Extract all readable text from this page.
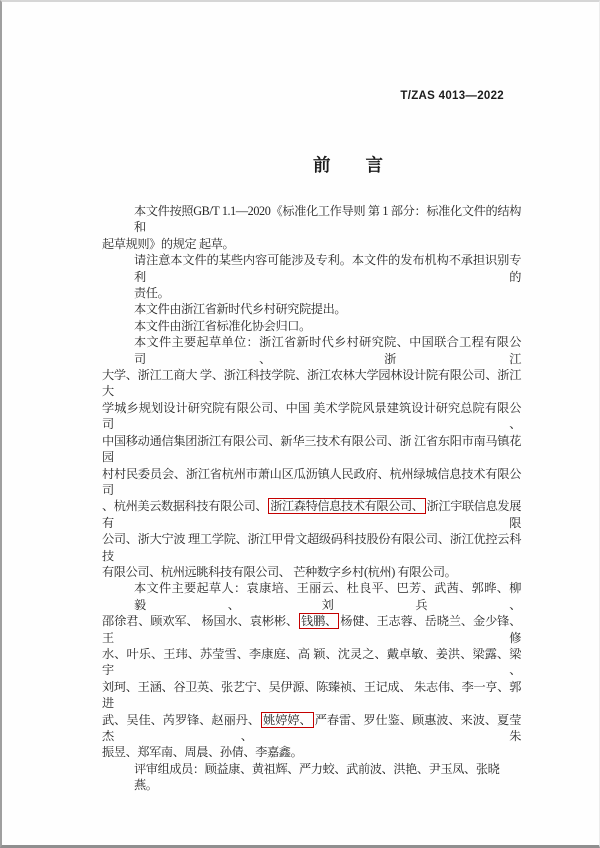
T/ZAS 4013—2022
前　　言
本文件按照GB/T 1.1—2020《标准化工作导则 第 1 部分：标准化文件的结构和
起草规则》的规定 起草。
请注意本文件的某些内容可能涉及专利。本文件的发布机构不承担识别专利的
责任。
本文件由浙江省新时代乡村研究院提出。
本文件由浙江省标准化协会归口。
本文件主要起草单位：浙江省新时代乡村研究院、中国联合工程有限公司、浙江
大学、浙江工商大 学、浙江科技学院、浙江农林大学园林设计院有限公司、浙江大
学城乡规划设计研究院有限公司、中国 美术学院风景建筑设计研究总院有限公司、
中国移动通信集团浙江有限公司、新华三技术有限公司、浙 江省东阳市南马镇花园
村村民委员会、浙江省杭州市萧山区瓜沥镇人民政府、杭州绿城信息技术有限公 司
、杭州美云数据科技有限公司、 浙江森特信息技术有限公司、 浙江宇联信息发展有限
公司、浙大宁波 理工学院、浙江甲骨文超级码科技股份有限公司、浙江优控云科技
有限公司、杭州远眺科技有限公司、 芒种数字乡村(杭州) 有限公司。
本文件主要起草人：袁康培、王丽云、杜良平、巴芳、武茜、郭晔、柳毅、刘兵、
邵徐君、顾欢军、 杨国水、袁彬彬、 钱鹏、 杨健、王志蓉、岳晓兰、金少锋、王修
水、叶乐、王玮、苏莹雪、李康庭、高 颖、沈灵之、戴卓敏、姜洪、梁露、梁宇、
刘珂、王涵、谷卫英、张艺宁、吴伊源、陈臻祯、王记成、 朱志伟、李一亨、郭进
武、吴佳、芮罗锋、赵丽丹、 姚婷婷、 严春雷、罗仕鉴、顾惠波、来波、夏莹杰、 朱
振昱、郑军南、周晨、孙倩、李嘉鑫。
评审组成员：顾益康、黄祖辉、严力蛟、武前波、洪艳、尹玉凤、张晓燕。
